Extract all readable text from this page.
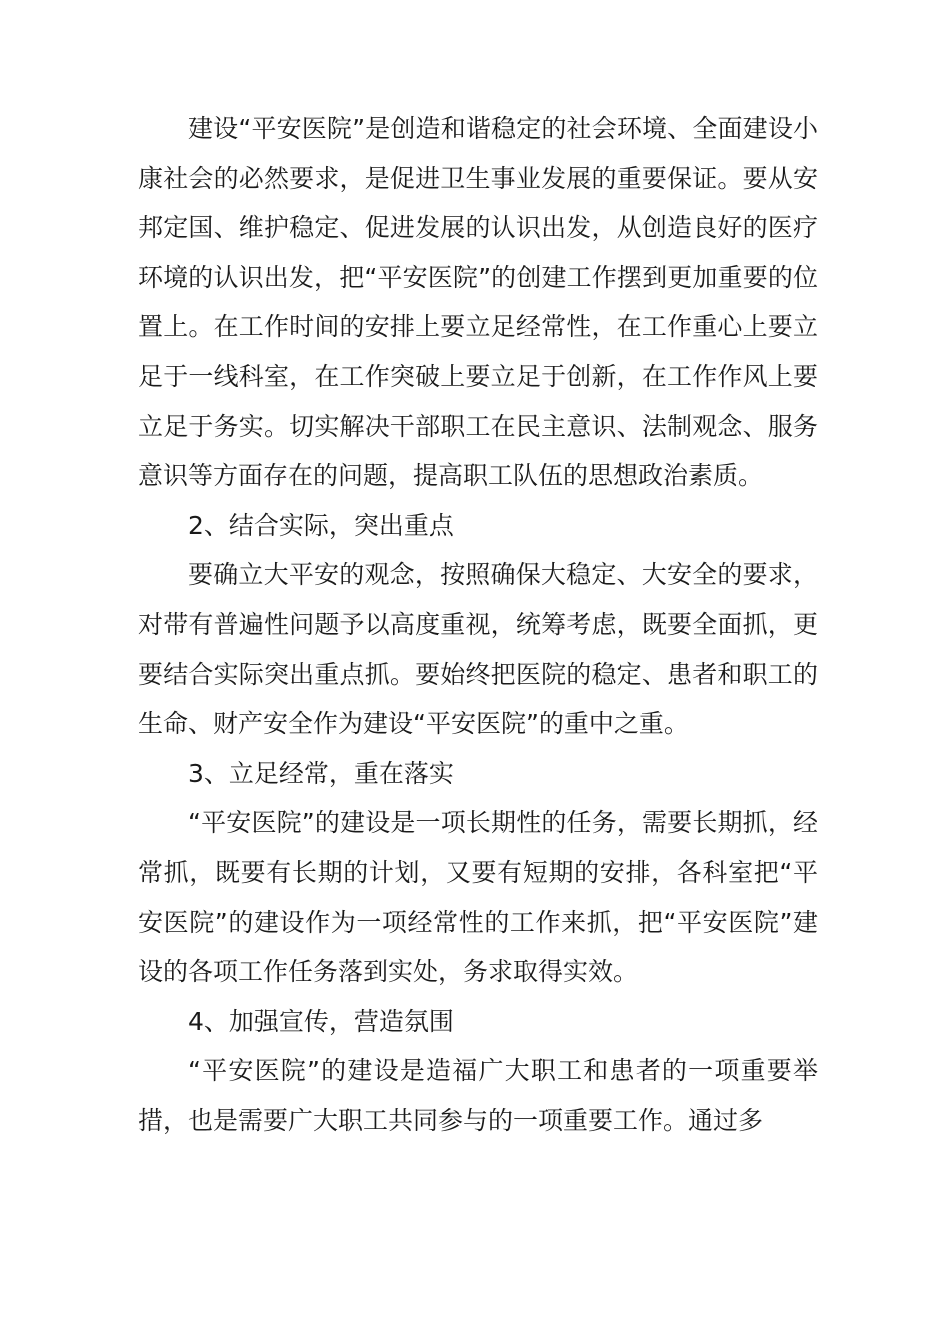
建设“平安医院”是创造和谐稳定的社会环境、全面建设小康社会的必然要求，是促进卫生事业发展的重要保证。要从安邦定国、维护稳定、促进发展的认识出发，从创造良好的医疗环境的认识出发，把“平安医院”的创建工作摆到更加重要的位置上。在工作时间的安排上要立足经常性，在工作重心上要立足于一线科室，在工作突破上要立足于创新，在工作作风上要立足于务实。切实解决干部职工在民主意识、法制观念、服务意识等方面存在的问题，提高职工队伍的思想政治素质。

2、结合实际，突出重点

要确立大平安的观念，按照确保大稳定、大安全的要求，对带有普遍性问题予以高度重视，统筹考虑，既要全面抓，更要结合实际突出重点抓。要始终把医院的稳定、患者和职工的生命、财产安全作为建设“平安医院”的重中之重。

3、立足经常，重在落实

“平安医院”的建设是一项长期性的任务，需要长期抓，经常抓，既要有长期的计划，又要有短期的安排，各科室把“平安医院”的建设作为一项经常性的工作来抓，把“平安医院”建设的各项工作任务落到实处，务求取得实效。

4、加强宣传，营造氛围

“平安医院”的建设是造福广大职工和患者的一项重要举措，也是需要广大职工共同参与的一项重要工作。通过多
